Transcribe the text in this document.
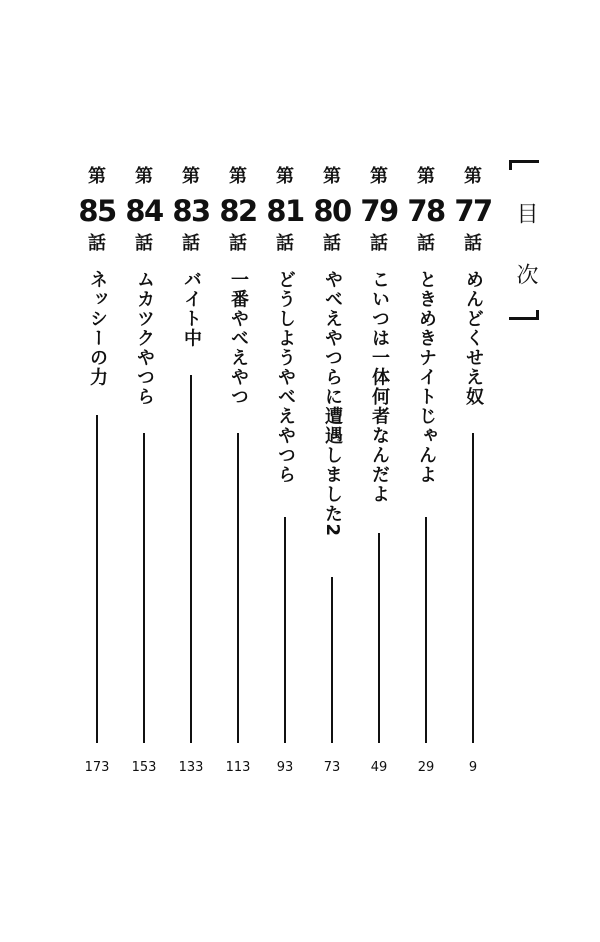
目 次
第
77
話
めんどくせえ奴
9
第
78
話
ときめきナイトじゃんよ
29
第
79
話
こいつは一体何者なんだよ
49
第
80
話
やべえやつらに遭遇しました2
73
第
81
話
どうしようやべえやつら
93
第
82
話
一番やべえやつ
113
第
83
話
バイト中
133
第
84
話
ムカツクやつら
153
第
85
話
ネッシーの力
173
